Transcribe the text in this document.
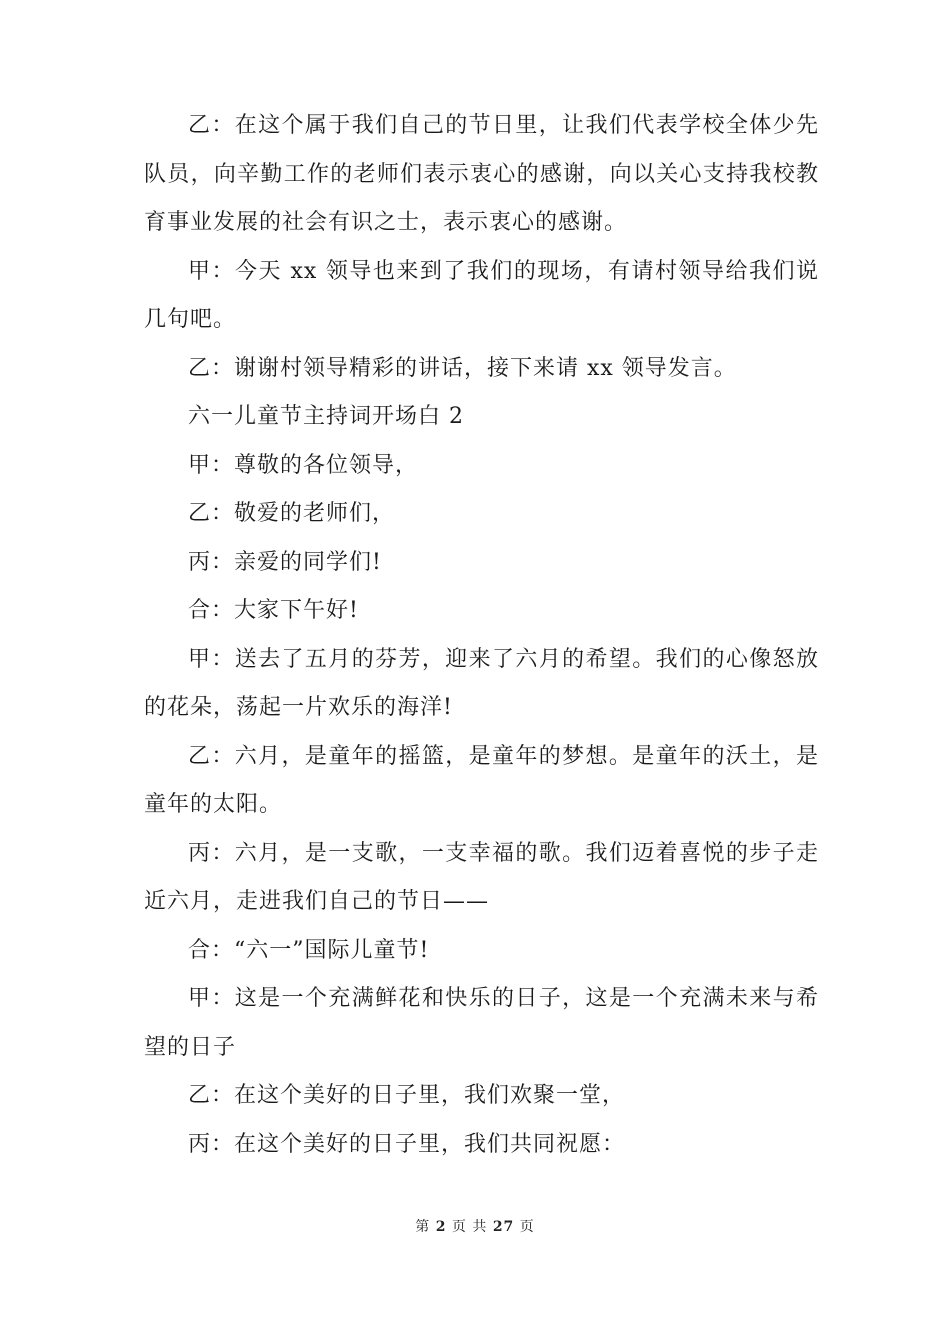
乙：在这个属于我们自己的节日里，让我们代表学校全体少先队员，向辛勤工作的老师们表示衷心的感谢，向以关心支持我校教育事业发展的社会有识之士，表示衷心的感谢。

甲：今天 xx 领导也来到了我们的现场，有请村领导给我们说几句吧。

乙：谢谢村领导精彩的讲话，接下来请 xx 领导发言。

六一儿童节主持词开场白 2

甲：尊敬的各位领导，

乙：敬爱的老师们，

丙：亲爱的同学们!

合：大家下午好!

甲：送去了五月的芬芳，迎来了六月的希望。我们的心像怒放的花朵，荡起一片欢乐的海洋!

乙：六月，是童年的摇篮，是童年的梦想。是童年的沃土，是童年的太阳。

丙：六月，是一支歌，一支幸福的歌。我们迈着喜悦的步子走近六月，走进我们自己的节日——

合：“六一”国际儿童节!

甲：这是一个充满鲜花和快乐的日子，这是一个充满未来与希望的日子

乙：在这个美好的日子里，我们欢聚一堂，

丙：在这个美好的日子里，我们共同祝愿：

第 2 页 共 27 页
